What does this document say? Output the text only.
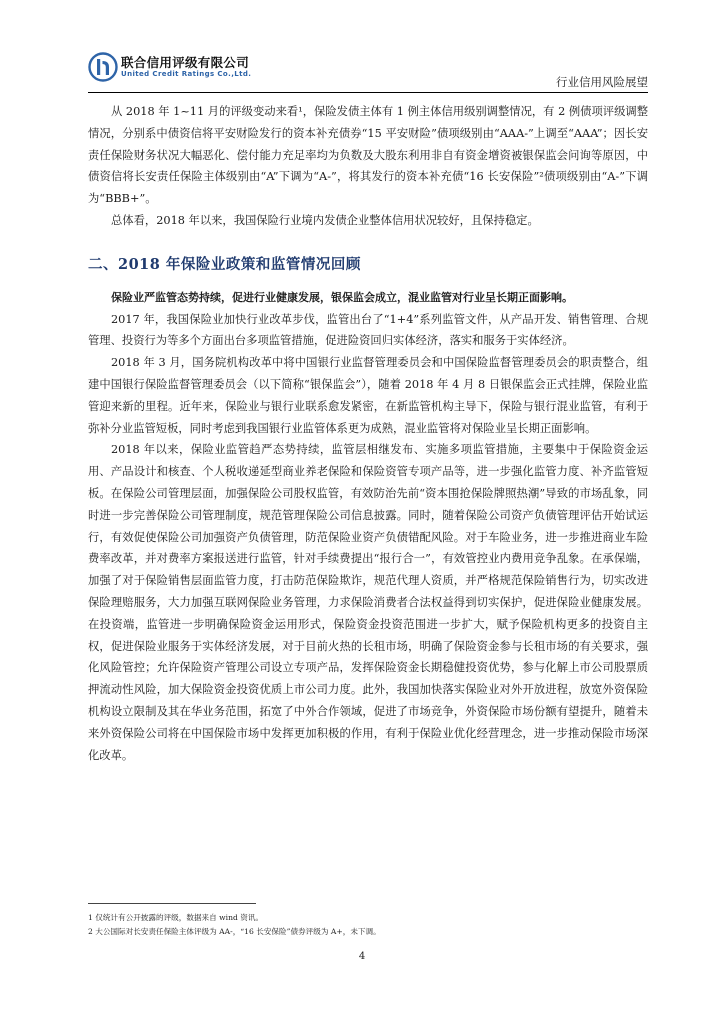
联合信用评级有限公司
United Credit Ratings Co.,Ltd.
行业信用风险展望

从 2018 年 1~11 月的评级变动来看¹，保险发债主体有 1 例主体信用级别调整情况，有 2 例债项评级调整情况，分别系中债资信将平安财险发行的资本补充债券“15 平安财险”债项级别由“AAA-”上调至“AAA”；因长安责任保险财务状况大幅恶化、偿付能力充足率均为负数及大股东利用非自有资金增资被银保监会问询等原因，中债资信将长安责任保险主体级别由“A”下调为“A-”，将其发行的资本补充债“16 长安保险”²债项级别由“A-”下调为“BBB+”。

总体看，2018 年以来，我国保险行业境内发债企业整体信用状况较好，且保持稳定。

二、2018 年保险业政策和监管情况回顾

保险业严监管态势持续，促进行业健康发展，银保监会成立，混业监管对行业呈长期正面影响。

2017 年，我国保险业加快行业改革步伐，监管出台了“1+4”系列监管文件，从产品开发、销售管理、合规管理、投资行为等多个方面出台多项监管措施，促进险资回归实体经济，落实和服务于实体经济。

2018 年 3 月，国务院机构改革中将中国银行业监督管理委员会和中国保险监督管理委员会的职责整合，组建中国银行保险监督管理委员会（以下简称“银保监会”），随着 2018 年 4 月 8 日银保监会正式挂牌，保险业监管迎来新的里程。近年来，保险业与银行业联系愈发紧密，在新监管机构主导下，保险与银行混业监管，有利于弥补分业监管短板，同时考虑到我国银行业监管体系更为成熟，混业监管将对保险业呈长期正面影响。

2018 年以来，保险业监管趋严态势持续，监管层相继发布、实施多项监管措施，主要集中于保险资金运用、产品设计和核查、个人税收递延型商业养老保险和保险资管专项产品等，进一步强化监管力度、补齐监管短板。在保险公司管理层面，加强保险公司股权监管，有效防治先前“资本围抢保险牌照热潮”导致的市场乱象，同时进一步完善保险公司管理制度，规范管理保险公司信息披露。同时，随着保险公司资产负债管理评估开始试运行，有效促使保险公司加强资产负债管理，防范保险业资产负债错配风险。对于车险业务，进一步推进商业车险费率改革，并对费率方案报送进行监管，针对手续费提出“报行合一”，有效管控业内费用竞争乱象。在承保端，加强了对于保险销售层面监管力度，打击防范保险欺诈，规范代理人资质，并严格规范保险销售行为，切实改进保险理赔服务，大力加强互联网保险业务管理，力求保险消费者合法权益得到切实保护，促进保险业健康发展。在投资端，监管进一步明确保险资金运用形式，保险资金投资范围进一步扩大，赋予保险机构更多的投资自主权，促进保险业服务于实体经济发展，对于目前火热的长租市场，明确了保险资金参与长租市场的有关要求，强化风险管控；允许保险资产管理公司设立专项产品，发挥保险资金长期稳健投资优势，参与化解上市公司股票质押流动性风险，加大保险资金投资优质上市公司力度。此外，我国加快落实保险业对外开放进程，放宽外资保险机构设立限制及其在华业务范围，拓宽了中外合作领域，促进了市场竞争，外资保险市场份额有望提升，随着未来外资保险公司将在中国保险市场中发挥更加积极的作用，有利于保险业优化经营理念，进一步推动保险市场深化改革。

1 仅统计有公开披露的评级，数据来自 wind 资讯。

2 大公国际对长安责任保险主体评级为 AA-，“16 长安保险”债券评级为 A+，未下调。

4
